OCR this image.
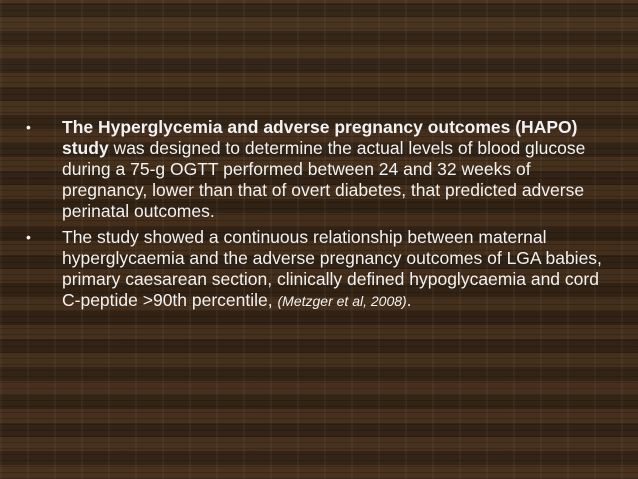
•	The Hyperglycemia and adverse pregnancy outcomes (HAPO) study was designed to determine the actual levels of blood glucose during a 75-g OGTT performed between 24 and 32 weeks of pregnancy, lower than that of overt diabetes, that predicted adverse perinatal outcomes.
•	The study showed a continuous relationship between maternal hyperglycaemia and the adverse pregnancy outcomes of LGA babies, primary caesarean section, clinically defined hypoglycaemia and cord C-peptide >90th percentile, (Metzger et al, 2008).
